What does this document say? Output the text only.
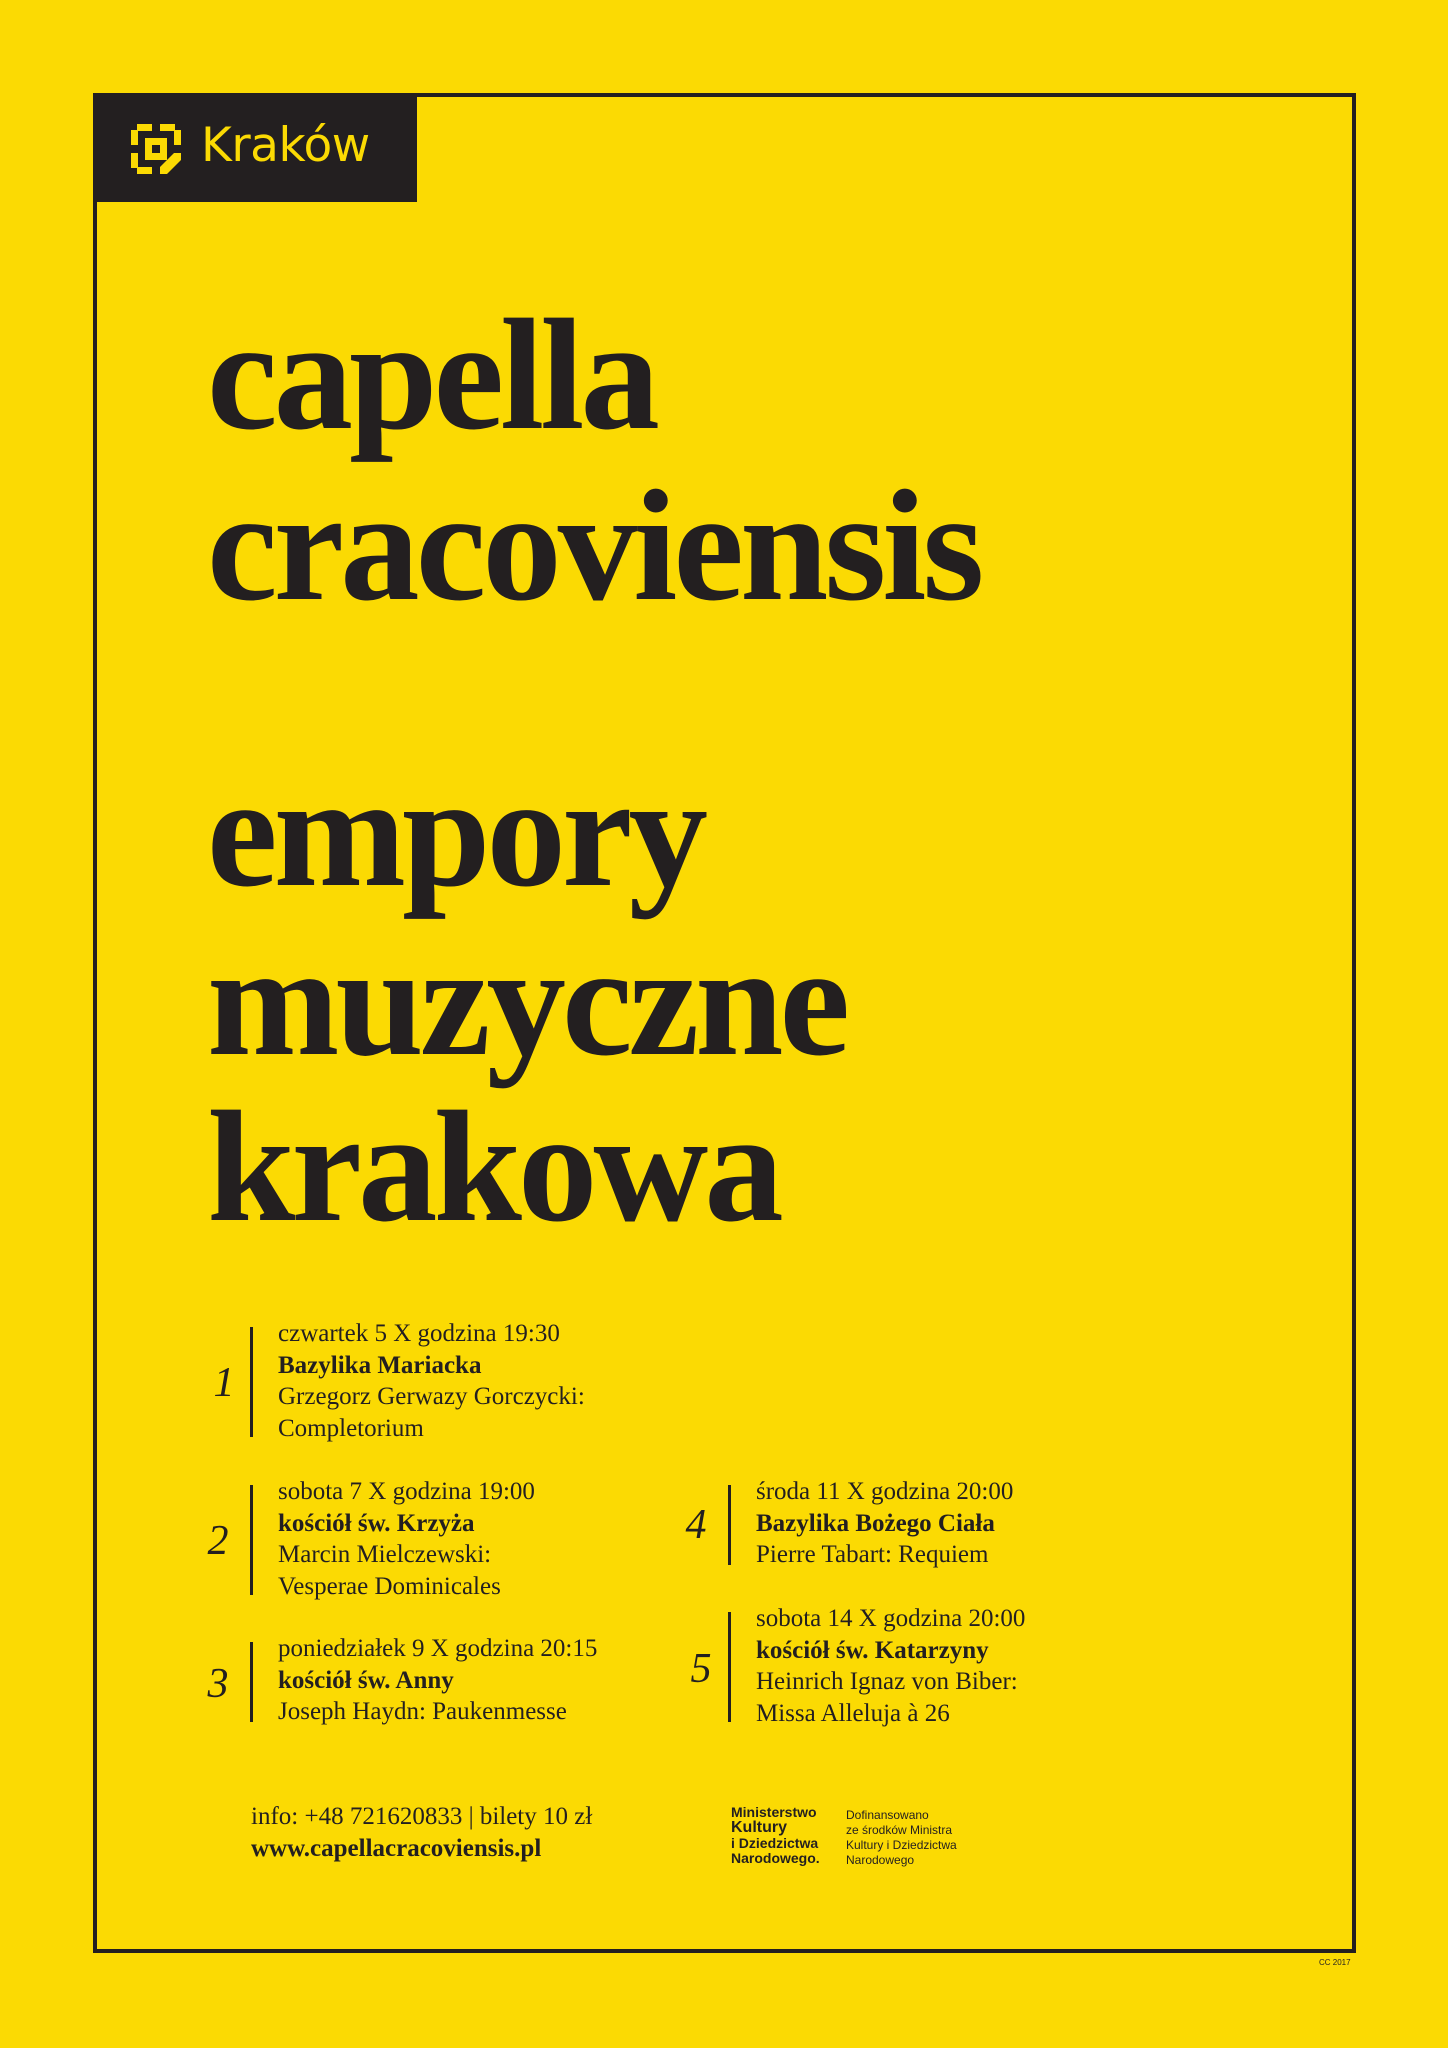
Kraków
capella
cracoviensis
empory
muzyczne
krakowa
1
czwartek 5 X godzina 19:30
Bazylika Mariacka
Grzegorz Gerwazy Gorczycki:
Completorium
2
sobota 7 X godzina 19:00
kościół św. Krzyża
Marcin Mielczewski:
Vesperae Dominicales
3
poniedziałek 9 X godzina 20:15
kościół św. Anny
Joseph Haydn: Paukenmesse
4
środa 11 X godzina 20:00
Bazylika Bożego Ciała
Pierre Tabart: Requiem
5
sobota 14 X godzina 20:00
kościół św. Katarzyny
Heinrich Ignaz von Biber:
Missa Alleluja à 26
info: +48 721620833 | bilety 10 zł
www.capellacracoviensis.pl
Ministerstwo
Kultury
i Dziedzictwa
Narodowego.
Dofinansowano
ze środków Ministra
Kultury i Dziedzictwa
Narodowego
CC 2017
